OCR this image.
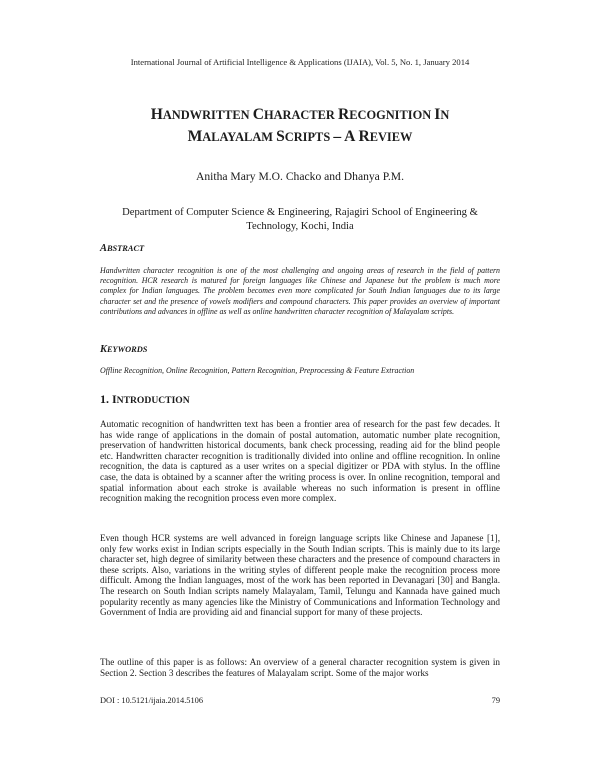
International Journal of Artificial Intelligence & Applications (IJAIA), Vol. 5, No. 1, January 2014
HANDWRITTEN CHARACTER RECOGNITION IN
MALAYALAM SCRIPTS – A REVIEW
Anitha Mary M.O. Chacko and Dhanya P.M.
Department of Computer Science & Engineering, Rajagiri School of Engineering &
Technology, Kochi, India
ABSTRACT
Handwritten character recognition is one of the most challenging and ongoing areas of research in the field of pattern recognition. HCR research is matured for foreign languages like Chinese and Japanese but the problem is much more complex for Indian languages. The problem becomes even more complicated for South Indian languages due to its large character set and the presence of vowels modifiers and compound characters. This paper provides an overview of important contributions and advances in offline as well as online handwritten character recognition of Malayalam scripts.
KEYWORDS
Offline Recognition, Online Recognition, Pattern Recognition, Preprocessing & Feature Extraction
1. INTRODUCTION
Automatic recognition of handwritten text has been a frontier area of research for the past few decades. It has wide range of applications in the domain of postal automation, automatic number plate recognition, preservation of handwritten historical documents, bank check processing, reading aid for the blind people etc. Handwritten character recognition is traditionally divided into online and offline recognition. In online recognition, the data is captured as a user writes on a special digitizer or PDA with stylus. In the offline case, the data is obtained by a scanner after the writing process is over. In online recognition, temporal and spatial information about each stroke is available whereas no such information is present in offline recognition making the recognition process even more complex.
Even though HCR systems are well advanced in foreign language scripts like Chinese and Japanese [1], only few works exist in Indian scripts especially in the South Indian scripts. This is mainly due to its large character set, high degree of similarity between these characters and the presence of compound characters in these scripts. Also, variations in the writing styles of different people make the recognition process more difficult. Among the Indian languages, most of the work has been reported in Devanagari [30] and Bangla. The research on South Indian scripts namely Malayalam, Tamil, Telungu and Kannada have gained much popularity recently as many agencies like the Ministry of Communications and Information Technology and Government of India are providing aid and financial support for many of these projects.
The outline of this paper is as follows: An overview of a general character recognition system is given in Section 2. Section 3 describes the features of Malayalam script. Some of the major works
DOI : 10.5121/ijaia.2014.5106	79
